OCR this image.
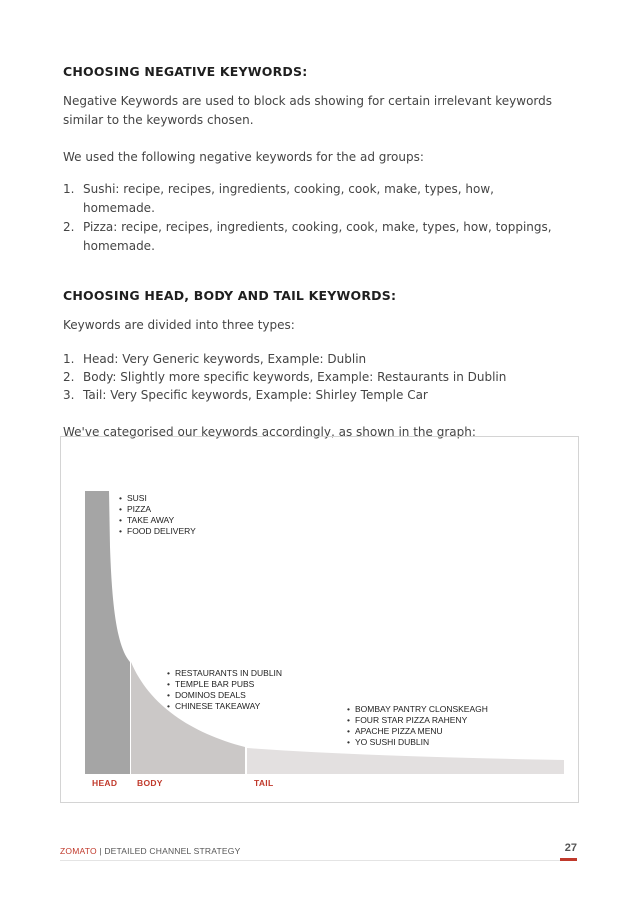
CHOOSING NEGATIVE KEYWORDS:

Negative Keywords are used to block ads showing for certain irrelevant keywords similar to the keywords chosen.

We used the following negative keywords for the ad groups:

1. Sushi: recipe, recipes, ingredients, cooking, cook, make, types, how, homemade.
2. Pizza: recipe, recipes, ingredients, cooking, cook, make, types, how, toppings, homemade.
CHOOSING HEAD, BODY AND TAIL KEYWORDS:

Keywords are divided into three types:

1. Head: Very Generic keywords, Example: Dublin
2. Body: Slightly more specific keywords, Example: Restaurants in Dublin
3. Tail: Very Specific keywords, Example: Shirley Temple Car

We've categorised our keywords accordingly, as shown in the graph:

• SUSI
• PIZZA
• TAKE AWAY
• FOOD DELIVERY
• RESTAURANTS IN DUBLIN
• TEMPLE BAR PUBS
• DOMINOS DEALS
• CHINESE TAKEAWAY
•	BOMBAY PANTRY CLONSKEAGH
• FOUR STAR PIZZA RAHENY
• APACHE PIZZA MENU
• YO SUSHI DUBLIN
HEAD BODY	TAIL
ZOMATO | DETAILED CHANNEL STRATEGY	27
